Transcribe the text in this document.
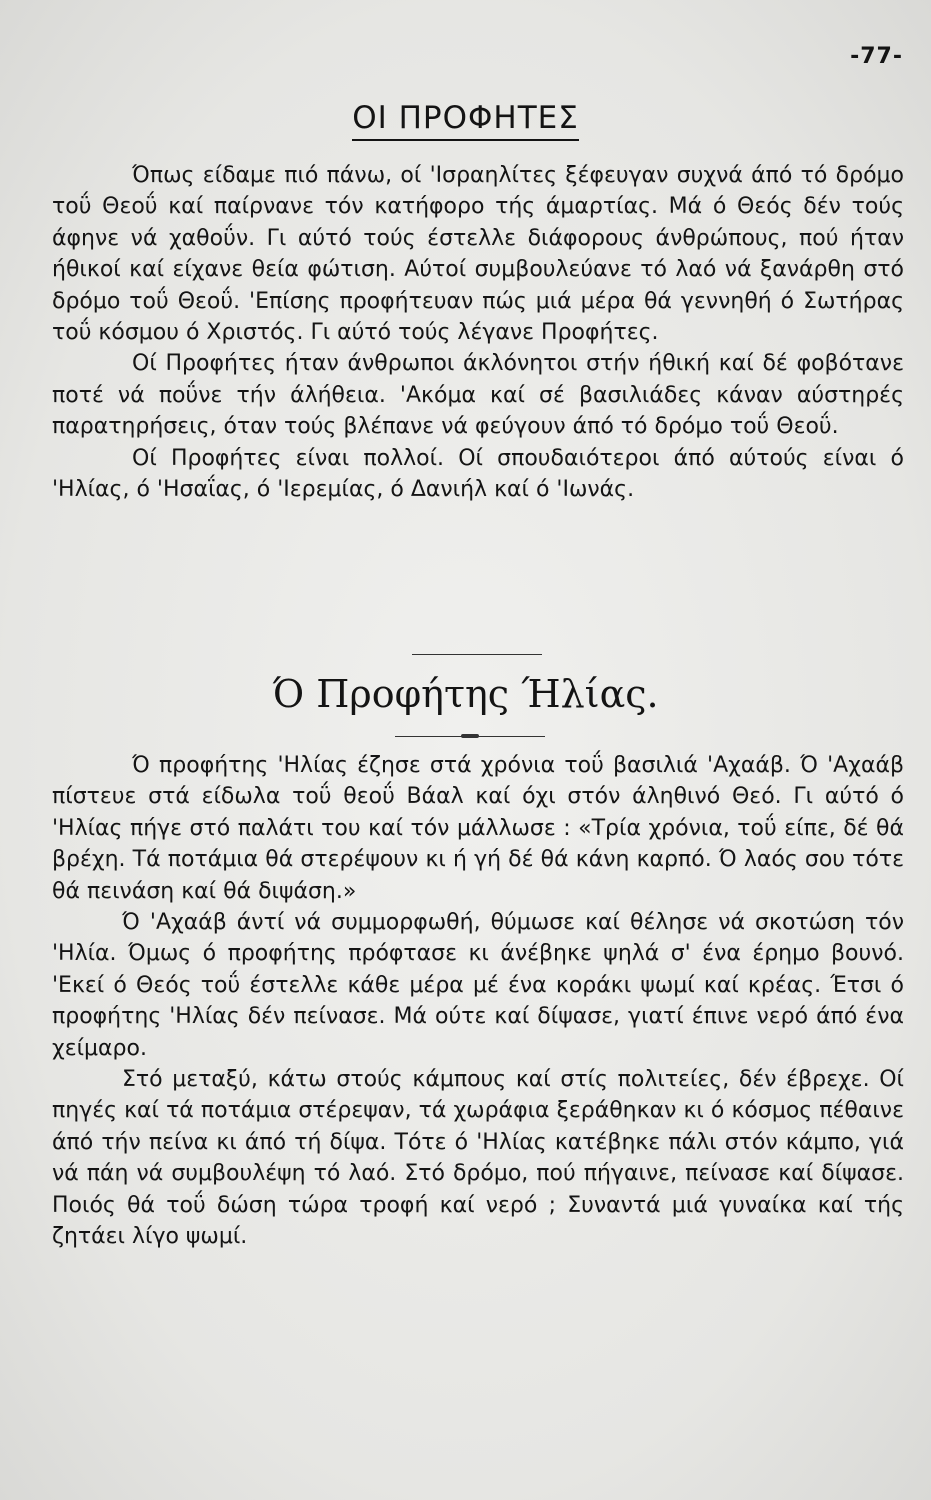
-77-
ΟΙ ΠΡΟΦΗΤΕΣ

Όπως είδαμε πιό πάνω, οί 'Ισραηλίτες ξέφευγαν συχνά άπό τό δρόμο τοΰ Θεοΰ καί παίρνανε τόν κατήφορο τής άμαρτίας. Μά ό Θεός δέν τούς άφηνε νά χαθοΰν. Γι αύτό τούς έστελλε διάφορους άνθρώπους, πού ήταν ήθικοί καί είχανε θεία φώτιση. Αύτοί συμβουλεύανε τό λαό νά ξανάρθη στό δρόμο τοΰ Θεοΰ. 'Επίσης προφήτευαν πώς μιά μέρα θά γεννηθή ό Σωτήρας τοΰ κόσμου ό Χριστός. Γι αύτό τούς λέγανε Προφήτες.

Οί Προφήτες ήταν άνθρωποι άκλόνητοι στήν ήθική καί δέ φοβότανε ποτέ νά ποΰνε τήν άλήθεια. 'Ακόμα καί σέ βασιλιάδες κάναν αύστηρές παρατηρήσεις, όταν τούς βλέπανε νά φεύγουν άπό τό δρόμο τοΰ Θεοΰ.

Οί Προφήτες είναι πολλοί. Οί σπουδαιότεροι άπό αύτούς είναι ό 'Ηλίας, ό 'Ησαΐας, ό 'Ιερεμίας, ό Δανιήλ καί ό 'Ιωνάς.

Ό Προφήτης Ήλίας.

Ό προφήτης 'Ηλίας έζησε στά χρόνια τοΰ βασιλιά 'Αχαάβ. Ό 'Αχαάβ πίστευε στά είδωλα τοΰ θεοΰ Βάαλ καί όχι στόν άληθινό Θεό. Γι αύτό ό 'Ηλίας πήγε στό παλάτι του καί τόν μάλλωσε : «Τρία χρόνια, τοΰ είπε, δέ θά βρέχη. Τά ποτάμια θά στερέψουν κι ή γή δέ θά κάνη καρπό. Ό λαός σου τότε θά πεινάση καί θά διψάση.»

Ό 'Αχαάβ άντί νά συμμορφωθή, θύμωσε καί θέλησε νά σκοτώση τόν 'Ηλία. Όμως ό προφήτης πρόφτασε κι άνέβηκε ψηλά σ' ένα έρημο βουνό. 'Εκεί ό Θεός τοΰ έστελλε κάθε μέρα μέ ένα κοράκι ψωμί καί κρέας. Έτσι ό προφήτης 'Ηλίας δέν πείνασε. Μά ούτε καί δίψασε, γιατί έπινε νερό άπό ένα χείμαρο.

Στό μεταξύ, κάτω στούς κάμπους καί στίς πολιτείες, δέν έβρεχε. Οί πηγές καί τά ποτάμια στέρεψαν, τά χωράφια ξεράθηκαν κι ό κόσμος πέθαινε άπό τήν πείνα κι άπό τή δίψα. Τότε ό 'Ηλίας κατέβηκε πάλι στόν κάμπο, γιά νά πάη νά συμβουλέψη τό λαό. Στό δρόμο, πού πήγαινε, πείνασε καί δίψασε. Ποιός θά τοΰ δώση τώρα τροφή καί νερό ; Συναντά μιά γυναίκα καί τής ζητάει λίγο ψωμί.
